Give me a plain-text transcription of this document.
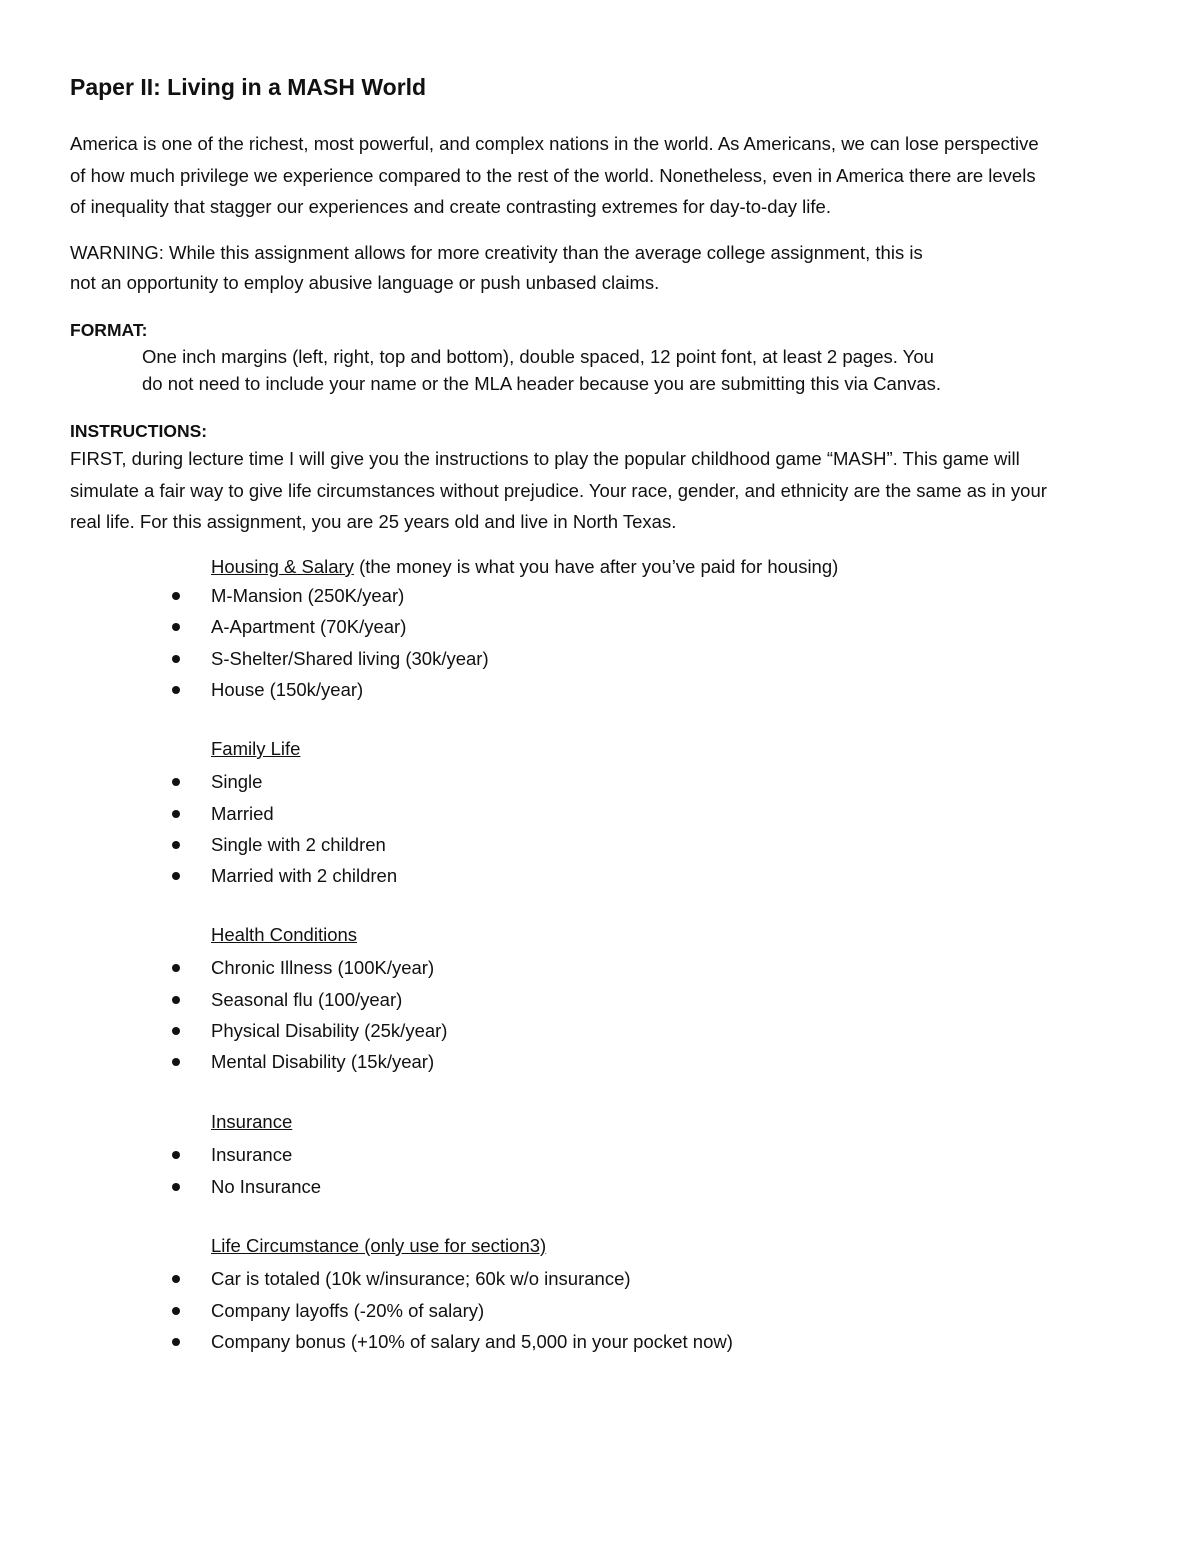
Paper II: Living in a MASH World
America is one of the richest, most powerful, and complex nations in the world. As Americans, we can lose perspective
of how much privilege we experience compared to the rest of the world. Nonetheless, even in America there are levels
of inequality that stagger our experiences and create contrasting extremes for day-to-day life.
WARNING: While this assignment allows for more creativity than the average college assignment, this is
not an opportunity to employ abusive language or push unbased claims.
FORMAT:
One inch margins (left, right, top and bottom), double spaced, 12 point font, at least 2 pages. You
do not need to include your name or the MLA header because you are submitting this via Canvas.
INSTRUCTIONS:
FIRST, during lecture time I will give you the instructions to play the popular childhood game “MASH”. This game will
simulate a fair way to give life circumstances without prejudice. Your race, gender, and ethnicity are the same as in your
real life. For this assignment, you are 25 years old and live in North Texas.
Housing & Salary (the money is what you have after you’ve paid for housing)
M-Mansion (250K/year)
A-Apartment (70K/year)
S-Shelter/Shared living (30k/year)
House (150k/year)
Family Life
Single
Married
Single with 2 children
Married with 2 children
Health Conditions
Chronic Illness (100K/year)
Seasonal flu (100/year)
Physical Disability (25k/year)
Mental Disability (15k/year)
Insurance
Insurance
No Insurance
Life Circumstance (only use for section3)
Car is totaled (10k w/insurance; 60k w/o insurance)
Company layoffs (-20% of salary)
Company bonus (+10% of salary and 5,000 in your pocket now)
